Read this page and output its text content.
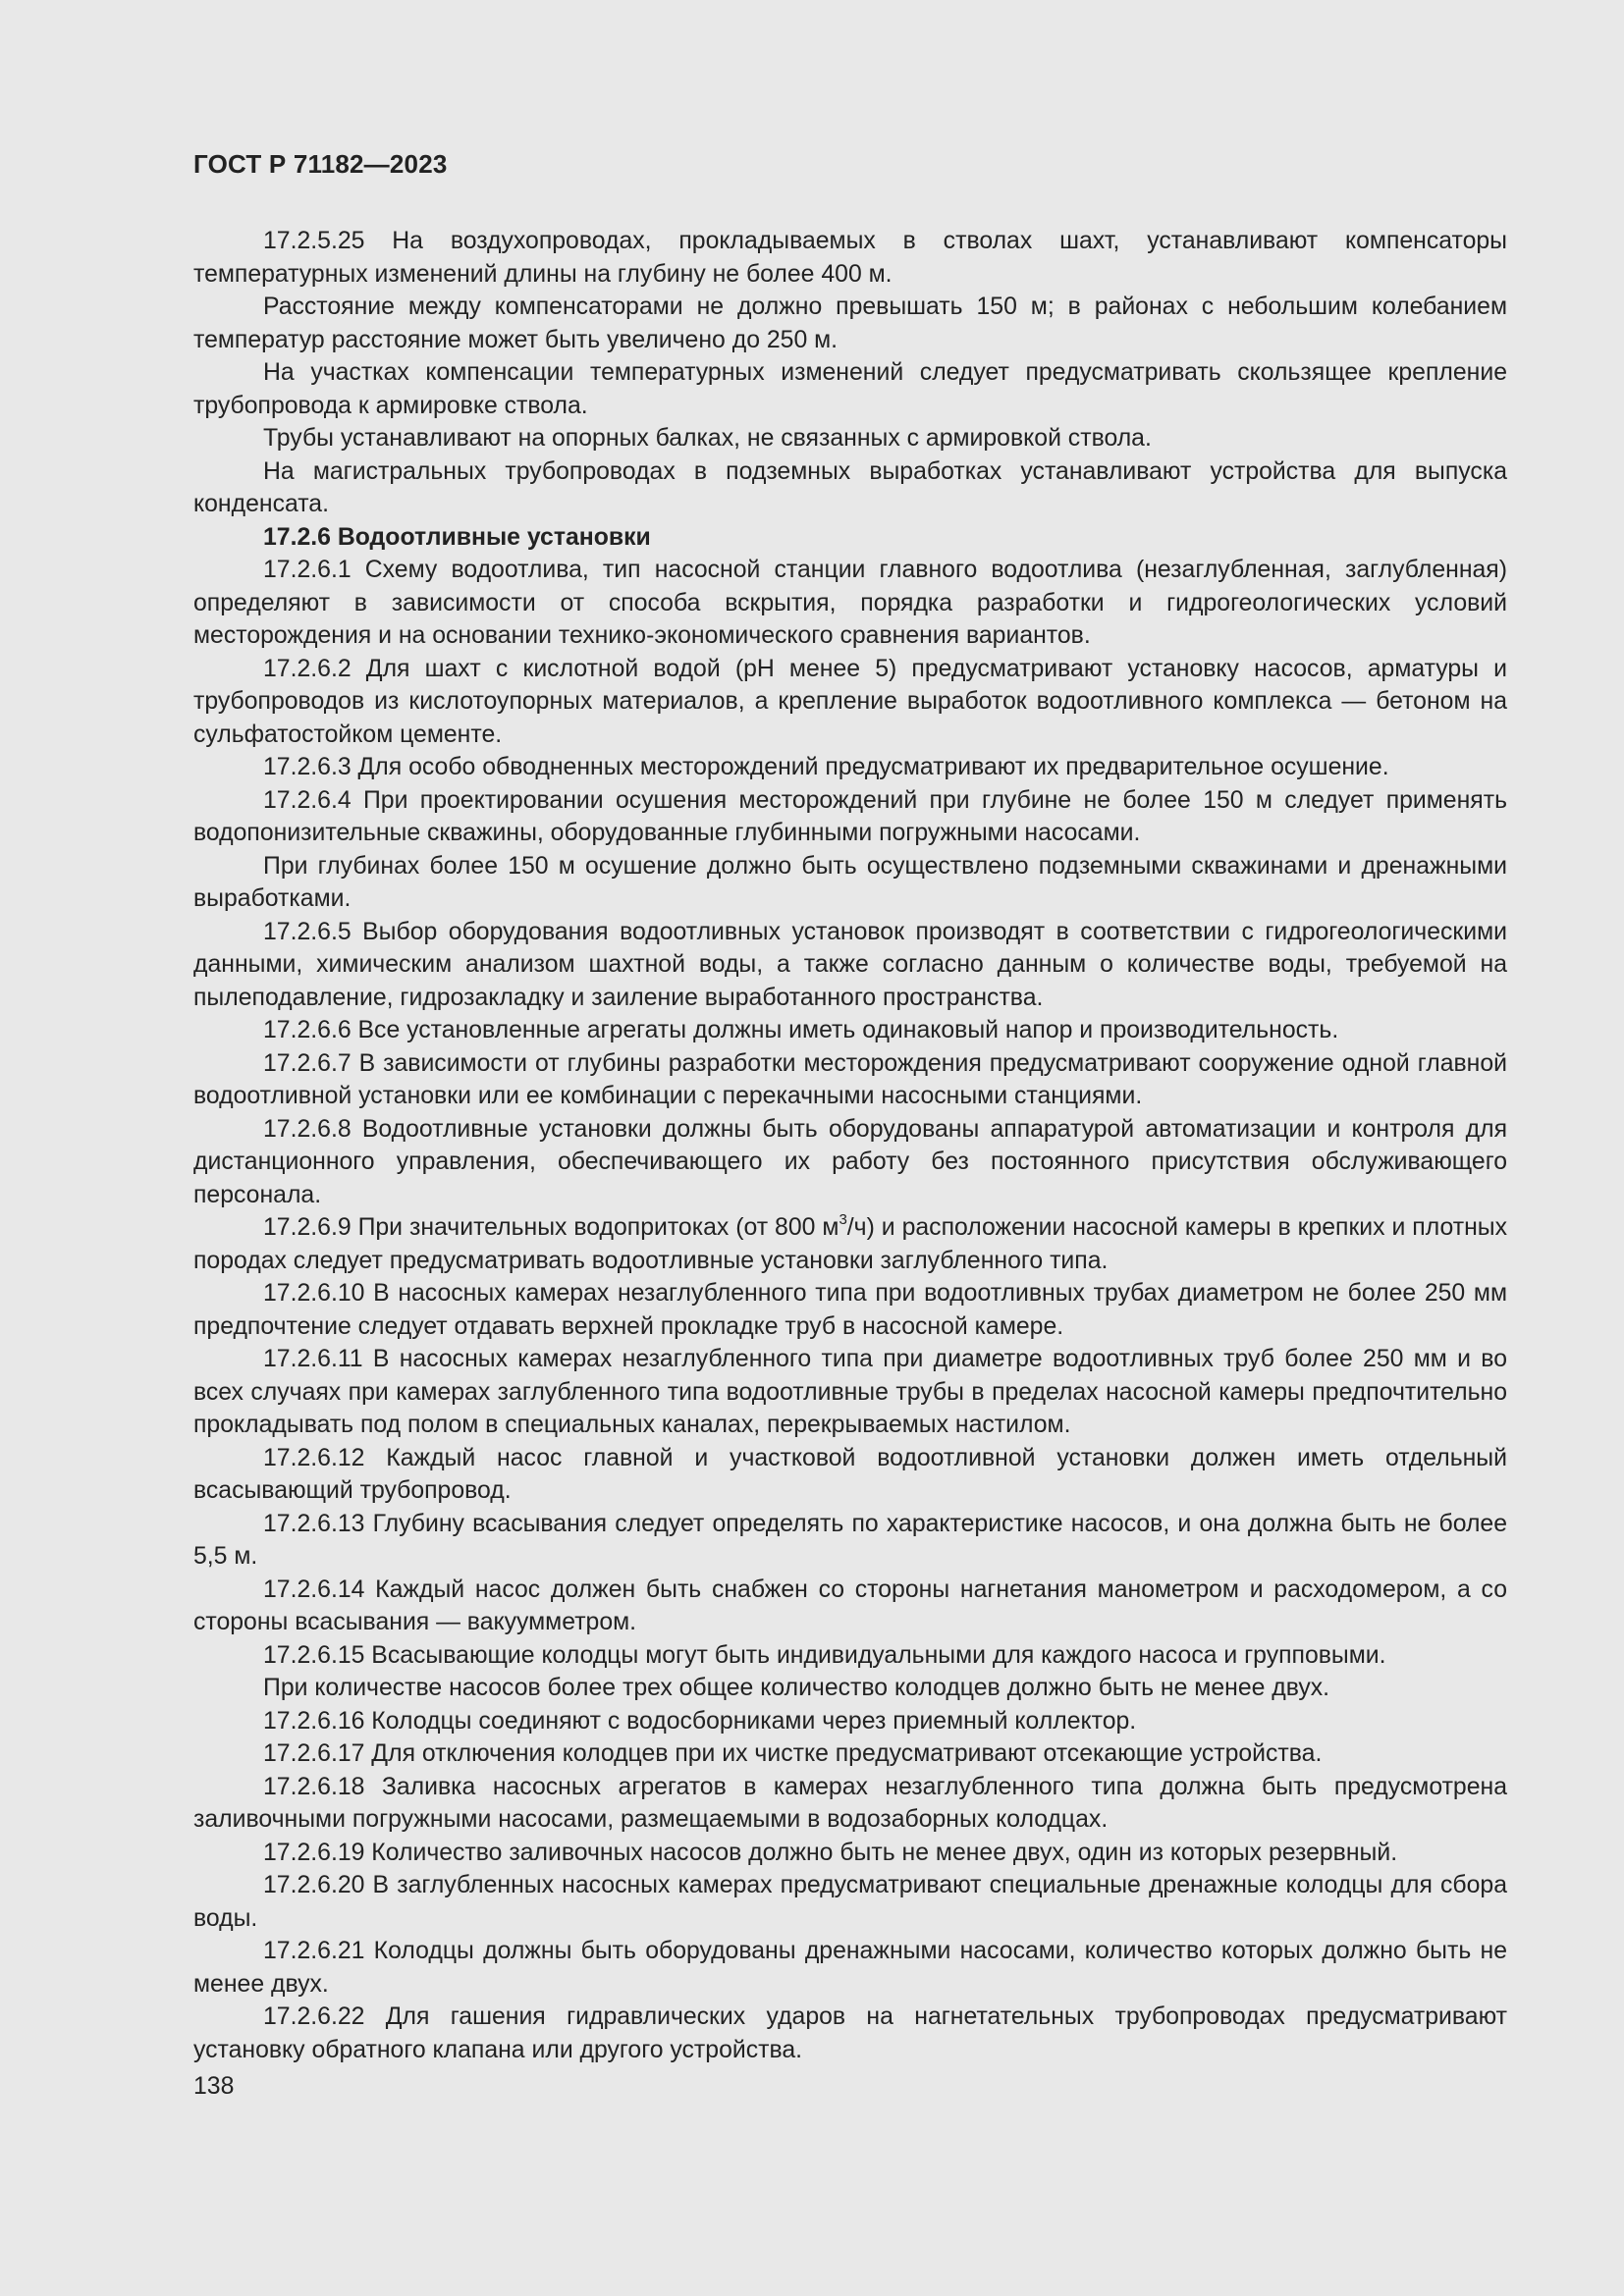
ГОСТ Р 71182—2023

17.2.5.25 На воздухопроводах, прокладываемых в стволах шахт, устанавливают компенсаторы температурных изменений длины на глубину не более 400 м.

Расстояние между компенсаторами не должно превышать 150 м; в районах с небольшим колебанием температур расстояние может быть увеличено до 250 м.

На участках компенсации температурных изменений следует предусматривать скользящее крепление трубопровода к армировке ствола.

Трубы устанавливают на опорных балках, не связанных с армировкой ствола.

На магистральных трубопроводах в подземных выработках устанавливают устройства для выпуска конденсата.

17.2.6 Водоотливные установки

17.2.6.1 Схему водоотлива, тип насосной станции главного водоотлива (незаглубленная, заглубленная) определяют в зависимости от способа вскрытия, порядка разработки и гидрогеологических условий месторождения и на основании технико-экономического сравнения вариантов.

17.2.6.2 Для шахт с кислотной водой (рН менее 5) предусматривают установку насосов, арматуры и трубопроводов из кислотоупорных материалов, а крепление выработок водоотливного комплекса — бетоном на сульфатостойком цементе.

17.2.6.3 Для особо обводненных месторождений предусматривают их предварительное осушение.

17.2.6.4 При проектировании осушения месторождений при глубине не более 150 м следует применять водопонизительные скважины, оборудованные глубинными погружными насосами.

При глубинах более 150 м осушение должно быть осуществлено подземными скважинами и дренажными выработками.

17.2.6.5 Выбор оборудования водоотливных установок производят в соответствии с гидрогеологическими данными, химическим анализом шахтной воды, а также согласно данным о количестве воды, требуемой на пылеподавление, гидрозакладку и заиление выработанного пространства.

17.2.6.6 Все установленные агрегаты должны иметь одинаковый напор и производительность.

17.2.6.7 В зависимости от глубины разработки месторождения предусматривают сооружение одной главной водоотливной установки или ее комбинации с перекачными насосными станциями.

17.2.6.8 Водоотливные установки должны быть оборудованы аппаратурой автоматизации и контроля для дистанционного управления, обеспечивающего их работу без постоянного присутствия обслуживающего персонала.

17.2.6.9 При значительных водопритоках (от 800 $м^3/ч$) и расположении насосной камеры в крепких и плотных породах следует предусматривать водоотливные установки заглубленного типа.

17.2.6.10 В насосных камерах незаглубленного типа при водоотливных трубах диаметром не более 250 мм предпочтение следует отдавать верхней прокладке труб в насосной камере.

17.2.6.11 В насосных камерах незаглубленного типа при диаметре водоотливных труб более 250 мм и во всех случаях при камерах заглубленного типа водоотливные трубы в пределах насосной камеры предпочтительно прокладывать под полом в специальных каналах, перекрываемых настилом.

17.2.6.12 Каждый насос главной и участковой водоотливной установки должен иметь отдельный всасывающий трубопровод.

17.2.6.13 Глубину всасывания следует определять по характеристике насосов, и она должна быть не более 5,5 м.

17.2.6.14 Каждый насос должен быть снабжен со стороны нагнетания манометром и расходомером, а со стороны всасывания — вакуумметром.

17.2.6.15 Всасывающие колодцы могут быть индивидуальными для каждого насоса и групповыми.

При количестве насосов более трех общее количество колодцев должно быть не менее двух.

17.2.6.16 Колодцы соединяют с водосборниками через приемный коллектор.

17.2.6.17 Для отключения колодцев при их чистке предусматривают отсекающие устройства.

17.2.6.18 Заливка насосных агрегатов в камерах незаглубленного типа должна быть предусмотрена заливочными погружными насосами, размещаемыми в водозаборных колодцах.

17.2.6.19 Количество заливочных насосов должно быть не менее двух, один из которых резервный.

17.2.6.20 В заглубленных насосных камерах предусматривают специальные дренажные колодцы для сбора воды.

17.2.6.21 Колодцы должны быть оборудованы дренажными насосами, количество которых должно быть не менее двух.

17.2.6.22 Для гашения гидравлических ударов на нагнетательных трубопроводах предусматривают установку обратного клапана или другого устройства.

138
